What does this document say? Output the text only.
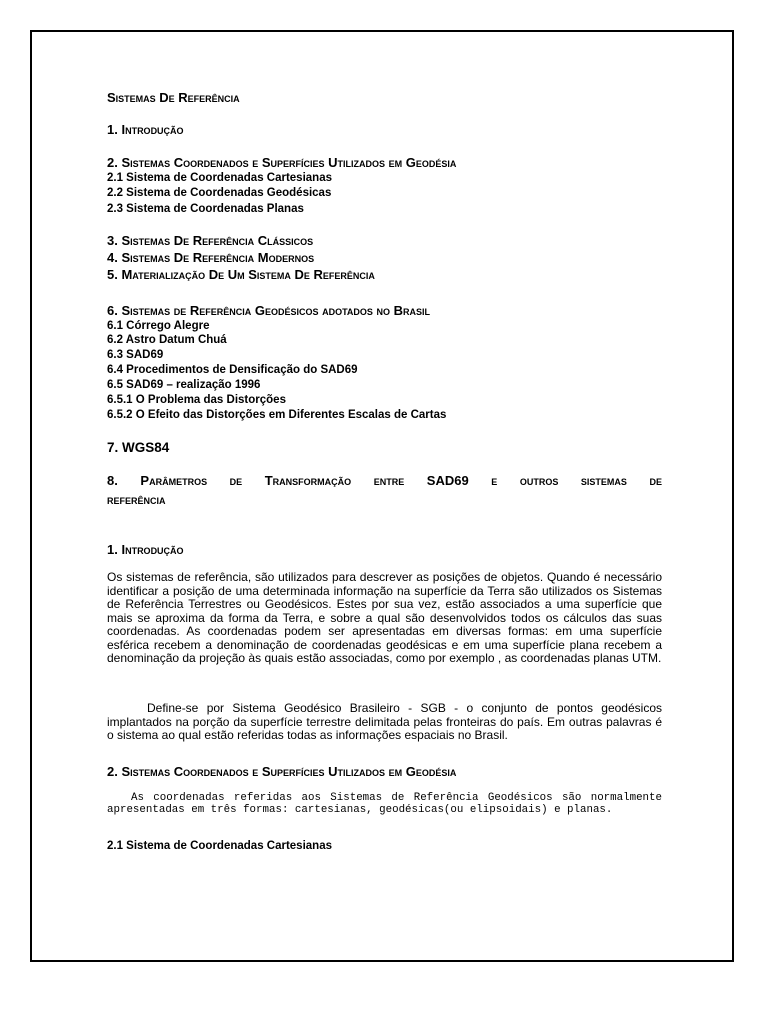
Sistemas De Referência
1. Introdução
2. Sistemas Coordenados e Superfícies Utilizados em Geodésia
2.1 Sistema de Coordenadas Cartesianas
2.2 Sistema de Coordenadas Geodésicas
2.3 Sistema de Coordenadas Planas
3. Sistemas De Referência Clássicos
4. Sistemas De Referência Modernos
5. Materialização De Um Sistema De Referência
6. Sistemas de Referência Geodésicos adotados no Brasil
6.1 Córrego Alegre
6.2 Astro Datum Chuá
6.3 SAD69
6.4 Procedimentos de Densificação do SAD69
6.5 SAD69 – realização 1996
6.5.1 O Problema das Distorções
6.5.2 O Efeito das Distorções em Diferentes Escalas de Cartas
7. WGS84
8. Parâmetros de Transformação entre SAD69 e outros sistemas de
referência
1. Introdução
Os sistemas de referência, são utilizados para descrever as posições de objetos. Quando é necessário identificar a posição de uma determinada informação na superfície da Terra são utilizados os Sistemas de Referência Terrestres ou Geodésicos. Estes por sua vez, estão associados a uma superfície que mais se aproxima da forma da Terra, e sobre a qual são desenvolvidos todos os cálculos das suas coordenadas. As coordenadas podem ser apresentadas em diversas formas: em uma superfície esférica recebem a denominação de coordenadas geodésicas e em uma superfície plana recebem a denominação da projeção às quais estão associadas, como por exemplo , as coordenadas planas UTM.
Define-se por Sistema Geodésico Brasileiro - SGB - o conjunto de pontos geodésicos implantados na porção da superfície terrestre delimitada pelas fronteiras do país. Em outras palavras é o sistema ao qual estão referidas todas as informações espaciais no Brasil.
2. Sistemas Coordenados e Superfícies Utilizados em Geodésia
As coordenadas referidas aos Sistemas de Referência Geodésicos são normalmente apresentadas em três formas: cartesianas, geodésicas(ou elipsoidais) e planas.
2.1 Sistema de Coordenadas Cartesianas
